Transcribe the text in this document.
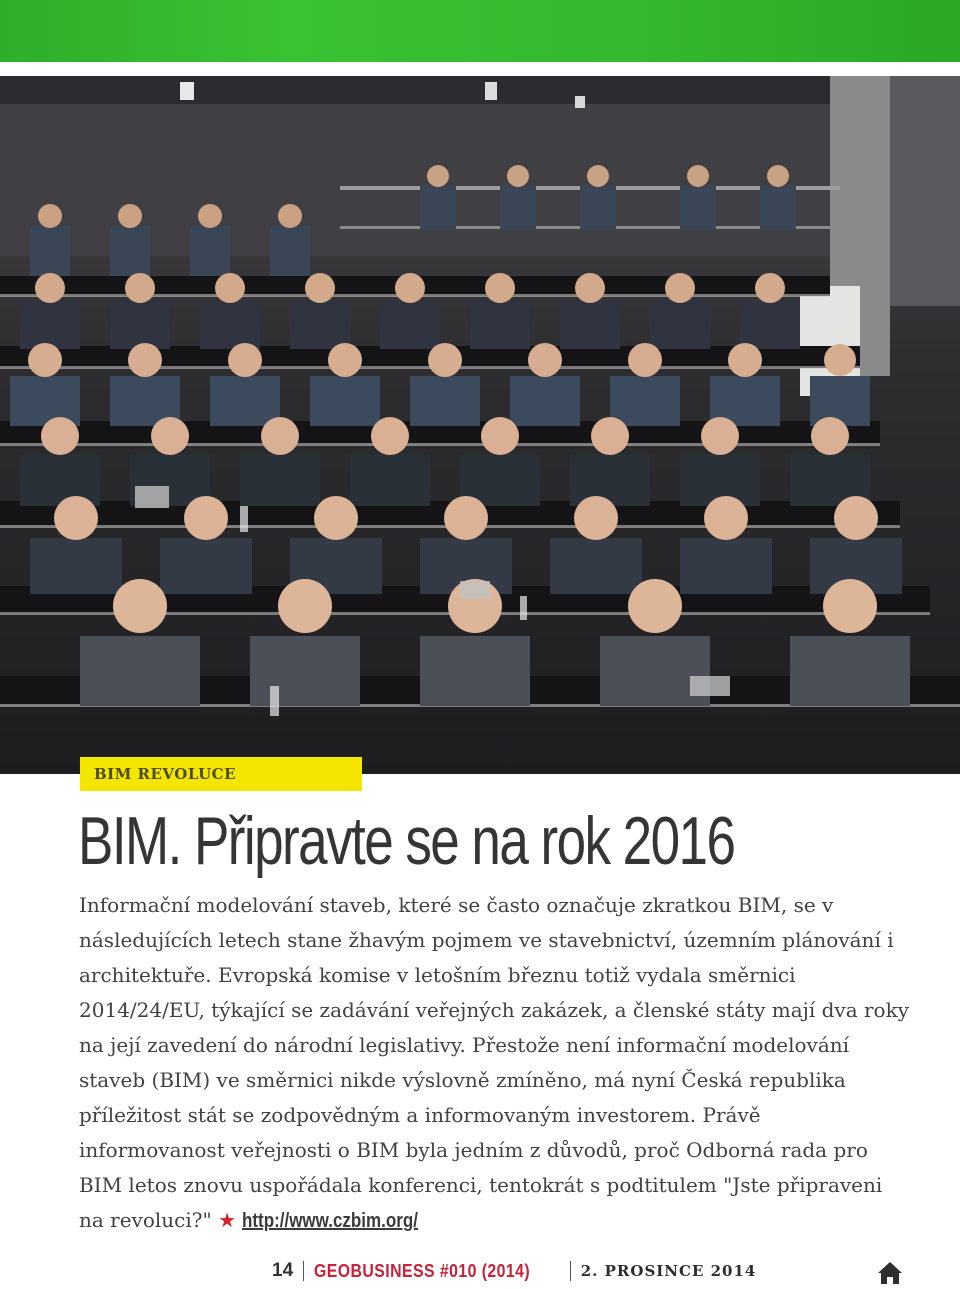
BIM REVOLUCE
BIM. Připravte se na rok 2016
Informační modelování staveb, které se často označuje zkratkou BIM, se v následujících letech stane žhavým pojmem ve stavebnictví, územním plánování i architektuře. Evropská komise v letošním březnu totiž vydala směrnici 2014/24/EU, týkající se zadávání veřejných zakázek, a členské státy mají dva roky na její zavedení do národní legislativy. Přestože není informační modelování staveb (BIM) ve směrnici nikde výslovně zmíněno, má nyní Česká republika příležitost stát se zodpovědným a informovaným investorem. Právě informovanost veřejnosti o BIM byla jedním z důvodů, proč Odborná rada pro BIM letos znovu uspořádala konferenci, tentokrát s podtitulem "Jste připraveni na revoluci?" ★ http://www.czbim.org/
14 GEOBUSINESS #010 (2014)	2. PROSINCE 2014
